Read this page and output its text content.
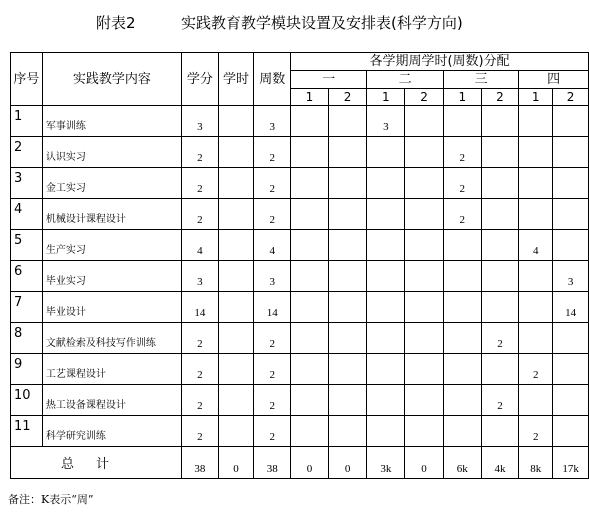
附表2	实践教育教学模块设置及安排表(科学方向)
序号	实践教学内容	学分	学时	周数	各学期周学时(周数)分配							
					一		二		三		四	
					1	2	1	2	1	2	1	2
1	军事训练	3		3			3					
2	认识实习	2		2					2			
3	金工实习	2		2					2			
4	机械设计课程设计	2		2					2			
5	生产实习	4		4							4	
6	毕业实习	3		3								3
7	毕业设计	14		14								14
8	文献检索及科技写作训练	2		2						2		
9	工艺课程设计	2		2							2	
10	热工设备课程设计	2		2						2		
11	科学研究训练	2		2							2	
总计		38	0	38	0	0	3k	0	6k	4k	8k	17k
备注：K表示“周”
